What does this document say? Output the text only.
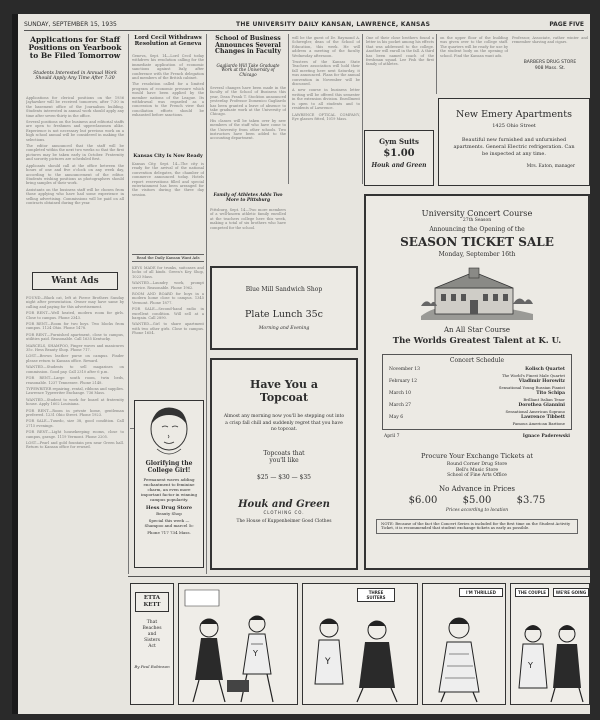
SUNDAY, SEPTEMBER 15, 1935	THE UNIVERSITY DAILY KANSAN, LAWRENCE, KANSAS	PAGE FIVE
Applications for Staff Positions on Yearbook to Be Filed Tomorrow
Students Interested in Annual Work Should Apply Any Time After 7:30

Applications for clerical positions on the 1936 Jayhawker will be received tomorrow, after 7:30 in the basement office of the Journalism building. Students interested in annual work should apply any time after seven-thirty in the office.

Several positions on the business and editorial staffs are open to freshmen and upperclassmen alike. Experience is not necessary but previous work on a high school annual will be considered in making the selections.

The editor announced that the staff will be completed within the next two weeks so that the first pictures may be taken early in October. Fraternity and sorority pictures are scheduled first.

Applicants should call at the office between the hours of one and five o'clock on any week day, according to the announcement of the editor. Students wishing positions as photographers should bring samples of their work.

Assistants on the business staff will be chosen from those applying who have had some experience in selling advertising. Commissions will be paid on all contracts obtained during the year.

Want Ads

FOUND—Black cat, left at Pierce Brothers Sunday night after presentation. Owner may have same by calling and paying for this advertisement.

FOR RENT—Well heated, modern room for girls. Close to campus. Phone 2343.

FOR RENT—Room for two boys. Two blocks from campus. 1124 Ohio. Phone 1478.

FOR RENT—Furnished apartment, close to campus, utilities paid. Reasonable. Call 1635 Kentucky.

MARCELS, SHAMPOO, Finger waves and manicures 35c. Hess Beauty Shop. Phone 717.

LOST—Brown leather purse on campus. Finder please return to Kansan office. Reward.

WANTED—Students to sell magazines on commission. Good pay. Call 2310 after 6 p.m.

FOR RENT—Large south room, twin beds, reasonable. 1237 Tennessee. Phone 2148.

TYPEWRITER repairing, rental, ribbons and supplies. Lawrence Typewriter Exchange. 736 Mass.

WANTED—Student to work for board at fraternity house. Apply 1602 Louisiana.

FOR RENT—Room in private home, gentleman preferred. 1231 Ohio Street. Phone 1923.

FOR SALE—Tuxedo, size 38, good condition. Call 2715 evenings.

FOR RENT—Light housekeeping rooms, close to campus, garage. 1119 Vermont. Phone 2205.

LOST—Pearl and gold fountain pen near Green hall. Return to Kansan office for reward.

Lord Cecil Withdraws Resolution at Geneva

Geneva, Sept. 14—Lord Cecil today withdrew his resolution calling for the immediate application of economic sanctions against Italy, after conference with the French delegation and members of the British cabinet.

The resolution called for a limited program of economic pressure which would have been applied by the member nations of the League. Its withdrawal was regarded as a concession to the French view that conciliation efforts should be exhausted before sanctions.

Kansas City Is Now Ready

Kansas City, Sept. 14—The city is ready for the arrival of the national convention delegates, the chamber of commerce announced today. Hotels report reservations filled and special entertainment has been arranged for the visitors during the three day session.

Read the Daily Kansan Want Ads

KEYS MADE for trunks, suitcases and locks of all kinds. Green's Key Shop, 1023 Mass.

WANTED—Laundry work, prompt service. Reasonable. Phone 1962.

ROOM AND BOARD for boys in a modern home close to campus. 1345 Vermont. Phone 1877.

FOR SALE—Second-hand radio in excellent condition. Will sell at a bargain. Call 2890.

WANTED—Girl to share apartment with two other girls. Close to campus. Phone 1654.

Glorifying the
College Girl!
Permanent waves adding enchantment to feminine charm, an even more important factor in winning campus popularity.
Hess Drug Store
Beauty Shop
Special this week —
Shampoo and marcel 5c
Phone 717 734 Mass.
School of Business Announces Several Changes in Faculty
Gagliardo Will Take Graduate Work at the University of Chicago

Several changes have been made in the faculty of the School of Business this year, Dean Frank T. Stockton announced yesterday. Professor Domenico Gagliardo has been granted a leave of absence to take graduate work at the University of Chicago.

His classes will be taken over by new members of the staff who have come to the University from other schools. Two instructors have been added to the accounting department.

Family of Athletes Adds Two More to Pittsburg

Pittsburg, Sept. 14—Two more members of a well-known athletic family enrolled at the teachers college here this week, making a total of six brothers who have competed for the school.

will be the guest of Dr. Raymond A. Schwegler, dean of the School of Education, this week. He will address a meeting of the faculty Wednesday afternoon.

Trustees of the Kansas State Teachers association will hold their fall meeting here next Saturday, it was announced. Plans for the annual convention in November will be discussed.

A new course in business letter writing will be offered this semester in the extension division. Enrollment is open to all students and to residents of Lawrence.

LAWRENCE OPTICAL COMPANY, Eye glasses fitted, 1019 Mass.

Gym Suits
$1.00
Houk and Green

One of their close brothers found a letter in his pocket among his effects that was addressed to the college. Another will enroll in the fall. A third has been named coach of the freshman squad. Lee Fish the first family of athletes.

on the upper floor of the building was given over to the college staff. The quarters will be ready for use by the student body on the opening of school. Find the Kansan want ads.

Professor, Associate, rather winter and remember shaving and cigars.

BARBERS DRUG STORE
908 Mass. St.
New Emery Apartments
1425 Ohio Street
Beautiful new furnished and unfurnished apartments. General Electric refrigeration. Can be inspected at any time.
Mrs. Eaton, manager
Blue Mill Sandwich Shop
Plate Lunch 35c
Morning and Evening
Have You a
Topcoat
Almost any morning now you'll be stepping out into a crisp fall chill and suddenly regret that you have no topcoat.
Topcoats that
you'll like
$25 — $30 — $35
Houk and Green
CLOTHING CO.
The House of Kuppenheimer Good Clothes
University Concert Course
27th Season
Announcing the Opening of the
SEASON TICKET SALE
Monday, September 16th
An All Star Course
The Worlds Greatest Talent at K. U.
Concert Schedule
November 13	Kolisch Quartet
The World's Finest Male Quartet
February 12	Vladimir Horowitz
Sensational Young Russian Pianist
March 10	Tito Schipa
Brilliant Italian Tenor
March 27	Dorothea Giannini
Sensational American Soprano
May 6	Lawrence Tibbett
Famous American Baritone
April 7	Ignace Paderewski
Procure Your Exchange Tickets at
Round Corner Drug Store
Bell's Music Store
School of Fine Arts Office
No Advance in Prices
$6.00	$5.00	$3.75
Prices according to location
NOTE: Because of the fact the Concert Series is included for the first time on the Student Activity Ticket, it is recommended that student exchange tickets as early as possible.
ETTA KETT
That
Beaches
and
Sisters
Act
By Paul Robinson
Y
THREE SUITERS
Y
I'M THRILLED	THE COUPLE	WE'RE GOING
Y
